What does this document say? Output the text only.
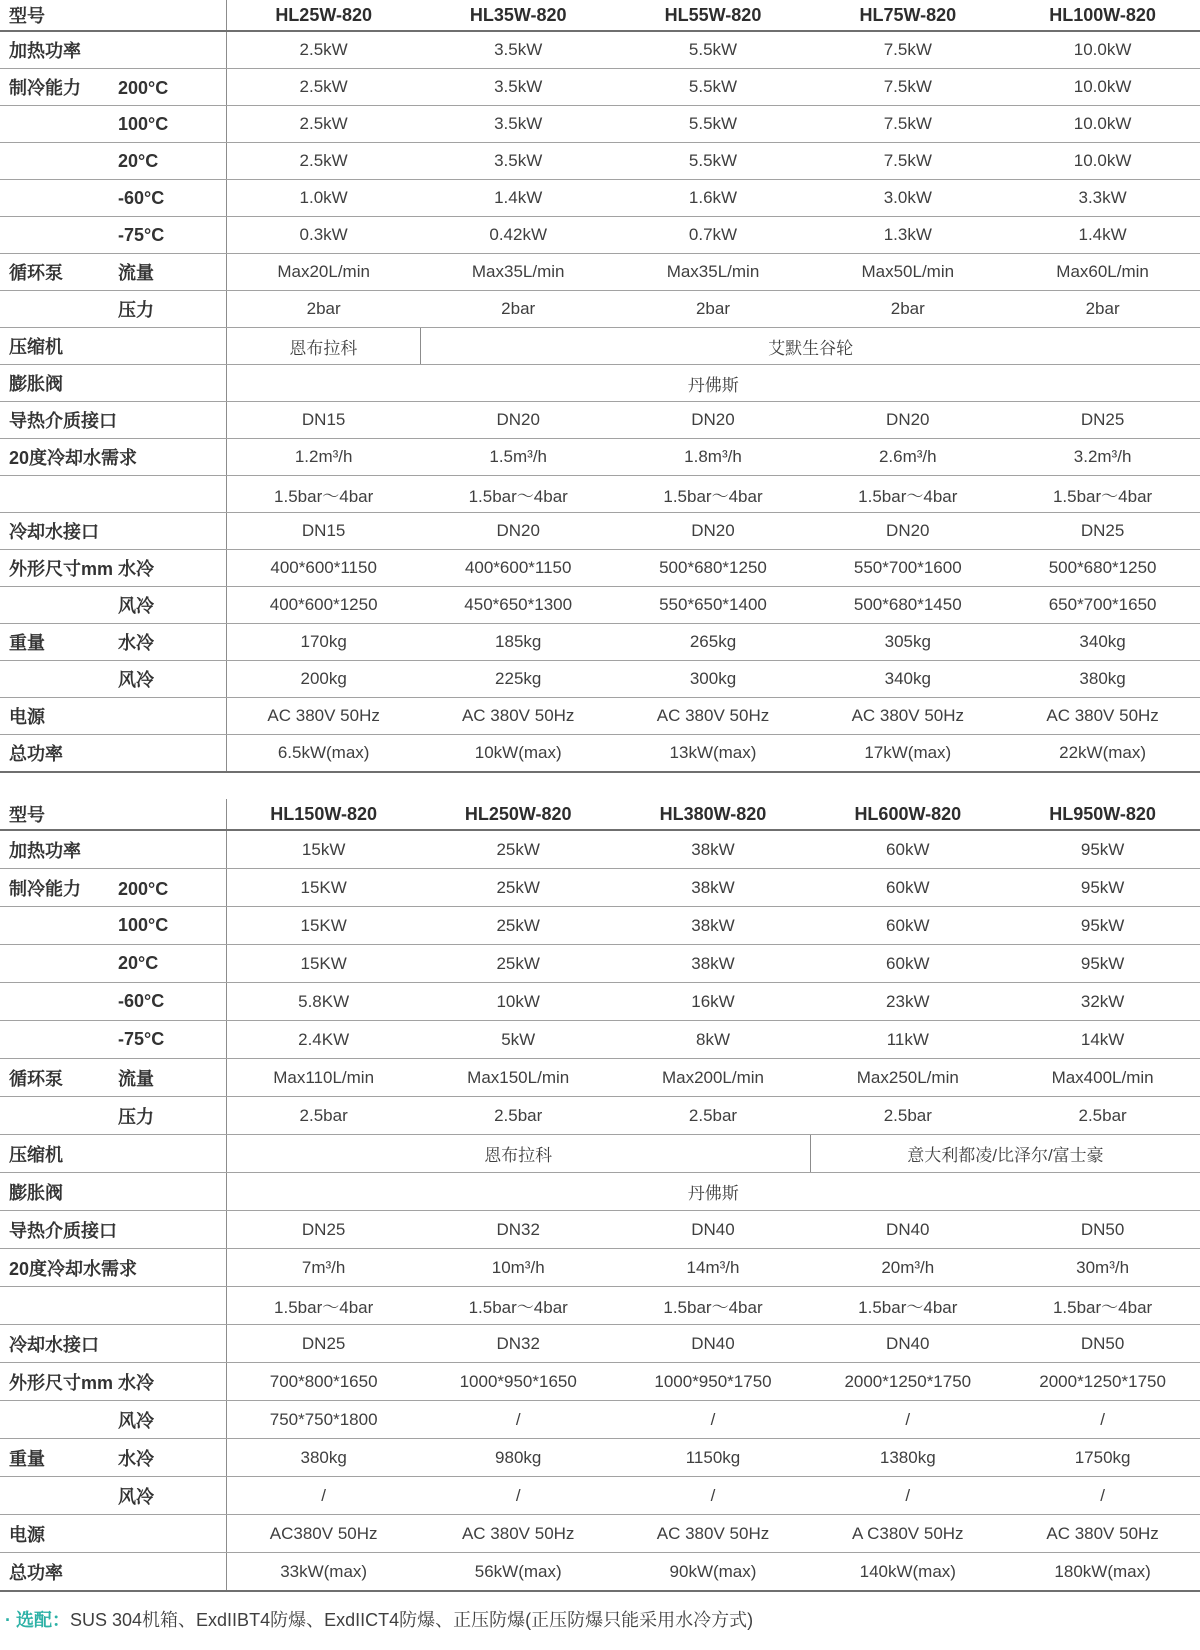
型号	HL25W-820	HL35W-820	HL55W-820	HL75W-820	HL100W-820
加热功率	2.5kW	3.5kW	5.5kW	7.5kW	10.0kW
制冷能力 200°C	2.5kW	3.5kW	5.5kW	7.5kW	10.0kW
100°C	2.5kW	3.5kW	5.5kW	7.5kW	10.0kW
20°C	2.5kW	3.5kW	5.5kW	7.5kW	10.0kW
-60°C	1.0kW	1.4kW	1.6kW	3.0kW	3.3kW
-75°C	0.3kW	0.42kW	0.7kW	1.3kW	1.4kW
循环泵 流量	Max20L/min	Max35L/min	Max35L/min	Max50L/min	Max60L/min
压力	2bar	2bar	2bar	2bar	2bar
压缩机	恩布拉科	艾默生谷轮			
膨胀阀	丹佛斯				
导热介质接口	DN15	DN20	DN20	DN20	DN25
20度冷却水需求	1.2m³/h	1.5m³/h	1.8m³/h	2.6m³/h	3.2m³/h
	1.5bar～4bar	1.5bar～4bar	1.5bar～4bar	1.5bar～4bar	1.5bar～4bar
冷却水接口	DN15	DN20	DN20	DN20	DN25
外形尺寸mm 水冷	400*600*1150	400*600*1150	500*680*1250	550*700*1600	500*680*1250
风冷	400*600*1250	450*650*1300	550*650*1400	500*680*1450	650*700*1650
重量 水冷	170kg	185kg	265kg	305kg	340kg
风冷	200kg	225kg	300kg	340kg	380kg
电源	AC 380V 50Hz	AC 380V 50Hz	AC 380V 50Hz	AC 380V 50Hz	AC 380V 50Hz
总功率	6.5kW(max)	10kW(max)	13kW(max)	17kW(max)	22kW(max)
型号	HL150W-820	HL250W-820	HL380W-820	HL600W-820	HL950W-820
加热功率	15kW	25kW	38kW	60kW	95kW
制冷能力 200°C	15KW	25kW	38kW	60kW	95kW
100°C	15KW	25kW	38kW	60kW	95kW
20°C	15KW	25kW	38kW	60kW	95kW
-60°C	5.8KW	10kW	16kW	23kW	32kW
-75°C	2.4KW	5kW	8kW	11kW	14kW
循环泵 流量	Max110L/min	Max150L/min	Max200L/min	Max250L/min	Max400L/min
压力	2.5bar	2.5bar	2.5bar	2.5bar	2.5bar
压缩机	恩布拉科			意大利都凌/比泽尔/富士豪	
膨胀阀	丹佛斯				
导热介质接口	DN25	DN32	DN40	DN40	DN50
20度冷却水需求	7m³/h	10m³/h	14m³/h	20m³/h	30m³/h
	1.5bar～4bar	1.5bar～4bar	1.5bar～4bar	1.5bar～4bar	1.5bar～4bar
冷却水接口	DN25	DN32	DN40	DN40	DN50
外形尺寸mm 水冷	700*800*1650	1000*950*1650	1000*950*1750	2000*1250*1750	2000*1250*1750
风冷	750*750*1800	/	/	/	/
重量 水冷	380kg	980kg	1150kg	1380kg	1750kg
风冷	/	/	/	/	/
电源	AC380V 50Hz	AC 380V 50Hz	AC 380V 50Hz	A C380V 50Hz	AC 380V 50Hz
总功率	33kW(max)	56kW(max)	90kW(max)	140kW(max)	180kW(max)
· 选配：SUS 304机箱、ExdIIBT4防爆、ExdIICT4防爆、正压防爆(正压防爆只能采用水冷方式)
